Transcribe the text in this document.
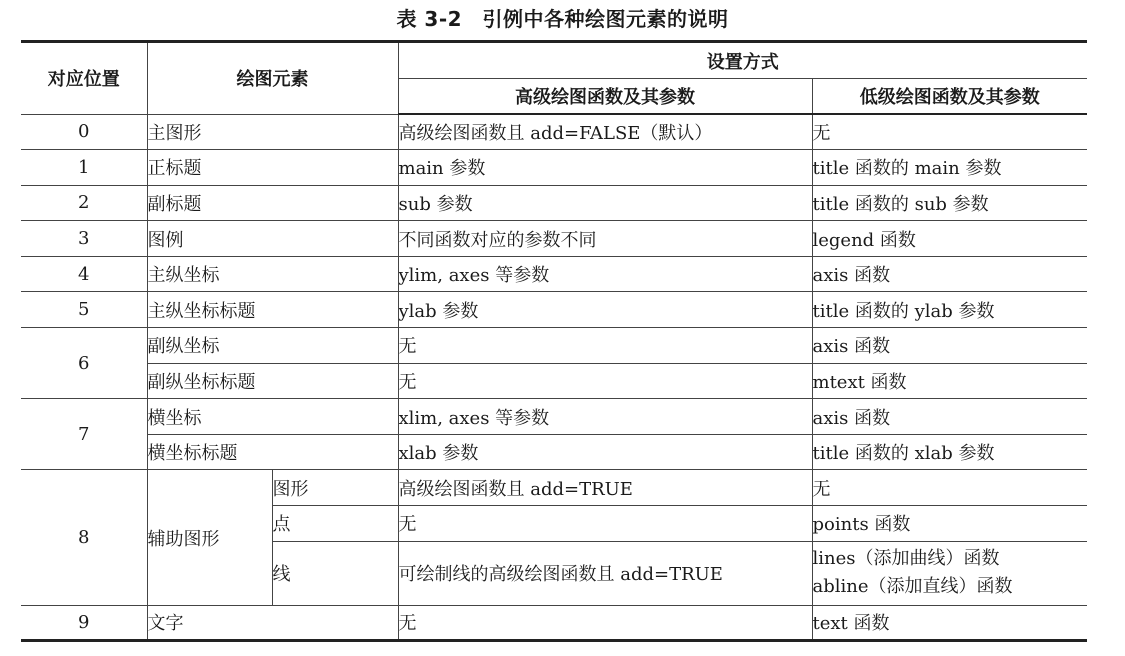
表 3-2　引例中各种绘图元素的说明
对应位置	绘图元素		设置方式	
			高级绘图函数及其参数	低级绘图函数及其参数
0	主图形		高级绘图函数且 add=FALSE（默认）	无
1	正标题		main 参数	title 函数的 main 参数
2	副标题		sub 参数	title 函数的 sub 参数
3	图例		不同函数对应的参数不同	legend 函数
4	主纵坐标		ylim, axes 等参数	axis 函数
5	主纵坐标标题		ylab 参数	title 函数的 ylab 参数
6	副纵坐标		无	axis 函数
	副纵坐标标题		无	mtext 函数
7	横坐标		xlim, axes 等参数	axis 函数
	横坐标标题		xlab 参数	title 函数的 xlab 参数
8	辅助图形	图形	高级绘图函数且 add=TRUE	无
		点	无	points 函数
		线	可绘制线的高级绘图函数且 add=TRUE	lines（添加曲线）函数
abline（添加直线）函数

9	文字		无	text 函数
